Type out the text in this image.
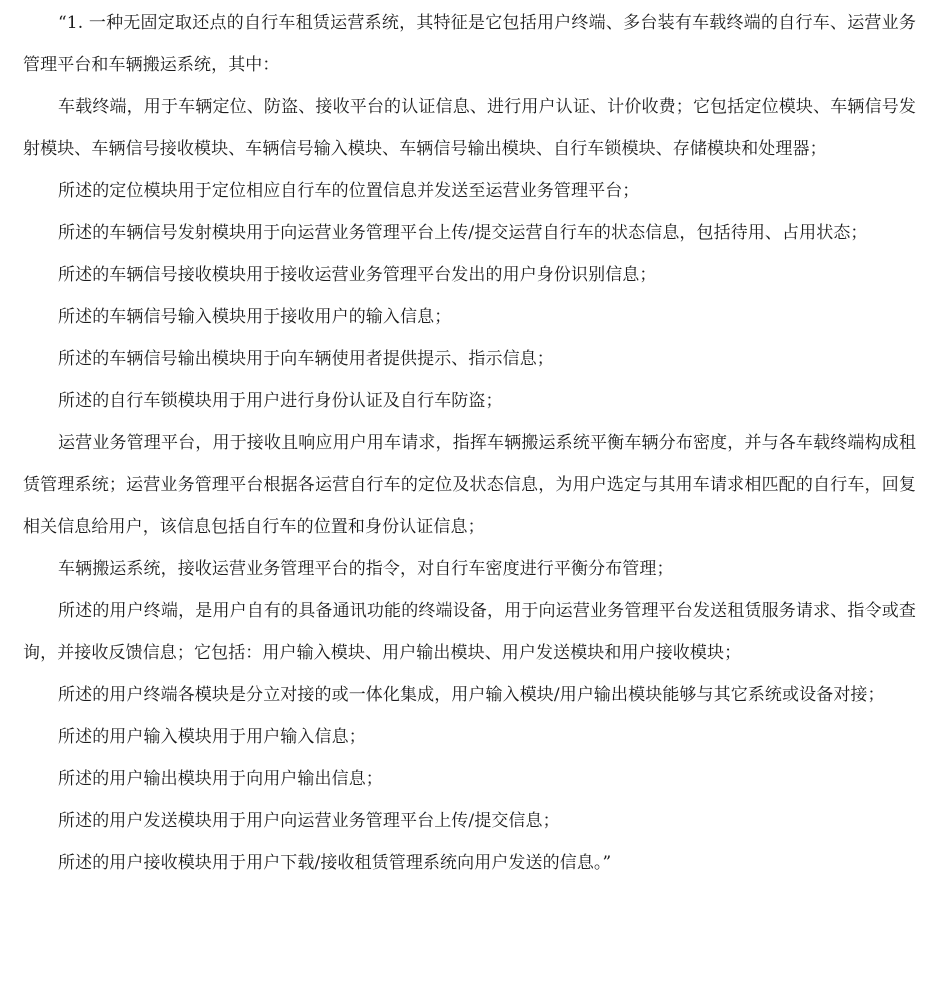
“1. 一种无固定取还点的自行车租赁运营系统，其特征是它包括用户终端、多台装有车载终端的自行车、运营业务管理平台和车辆搬运系统，其中：

车载终端，用于车辆定位、防盗、接收平台的认证信息、进行用户认证、计价收费；它包括定位模块、车辆信号发射模块、车辆信号接收模块、车辆信号输入模块、车辆信号输出模块、自行车锁模块、存储模块和处理器；

所述的定位模块用于定位相应自行车的位置信息并发送至运营业务管理平台；

所述的车辆信号发射模块用于向运营业务管理平台上传/提交运营自行车的状态信息，包括待用、占用状态；

所述的车辆信号接收模块用于接收运营业务管理平台发出的用户身份识别信息；

所述的车辆信号输入模块用于接收用户的输入信息；

所述的车辆信号输出模块用于向车辆使用者提供提示、指示信息；

所述的自行车锁模块用于用户进行身份认证及自行车防盗；

运营业务管理平台，用于接收且响应用户用车请求，指挥车辆搬运系统平衡车辆分布密度，并与各车载终端构成租赁管理系统；运营业务管理平台根据各运营自行车的定位及状态信息，为用户选定与其用车请求相匹配的自行车，回复相关信息给用户，该信息包括自行车的位置和身份认证信息；

车辆搬运系统，接收运营业务管理平台的指令，对自行车密度进行平衡分布管理；

所述的用户终端，是用户自有的具备通讯功能的终端设备，用于向运营业务管理平台发送租赁服务请求、指令或查询，并接收反馈信息；它包括：用户输入模块、用户输出模块、用户发送模块和用户接收模块；

所述的用户终端各模块是分立对接的或一体化集成，用户输入模块/用户输出模块能够与其它系统或设备对接；

所述的用户输入模块用于用户输入信息；

所述的用户输出模块用于向用户输出信息；

所述的用户发送模块用于用户向运营业务管理平台上传/提交信息；

所述的用户接收模块用于用户下载/接收租赁管理系统向用户发送的信息。”
